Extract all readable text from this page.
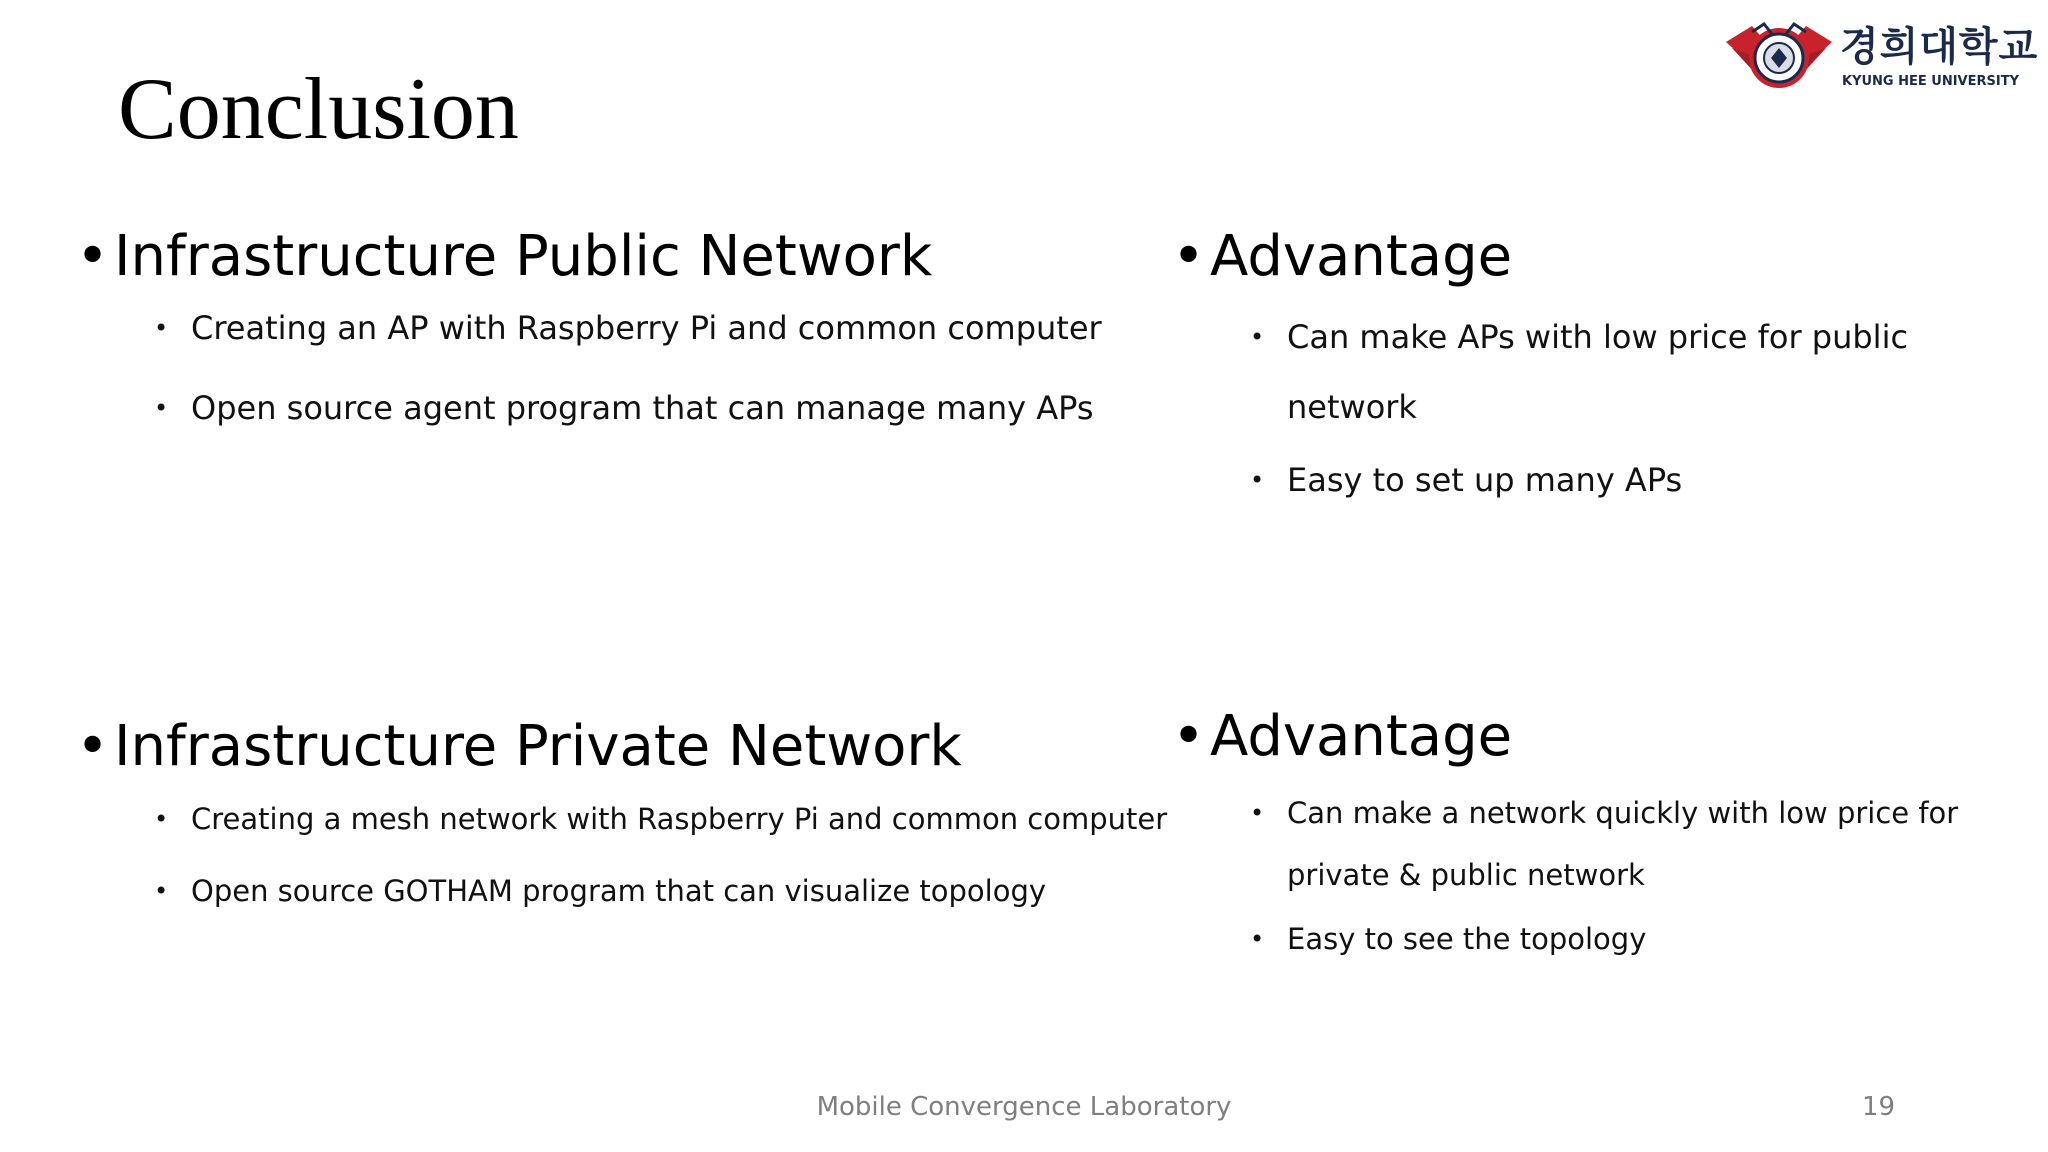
Conclusion
경희대학교
KYUNG HEE UNIVERSITY
• Infrastructure Public Network
• Creating an AP with Raspberry Pi and common computer
• Open source agent program that can manage many APs
• Advantage
• Can make APs with low price for public network
• Easy to set up many APs
• Infrastructure Private Network
• Creating a mesh network with Raspberry Pi and common computer
• Open source GOTHAM program that can visualize topology
• Advantage
• Can make a network quickly with low price for private & public network
• Easy to see the topology
Mobile Convergence Laboratory	19
